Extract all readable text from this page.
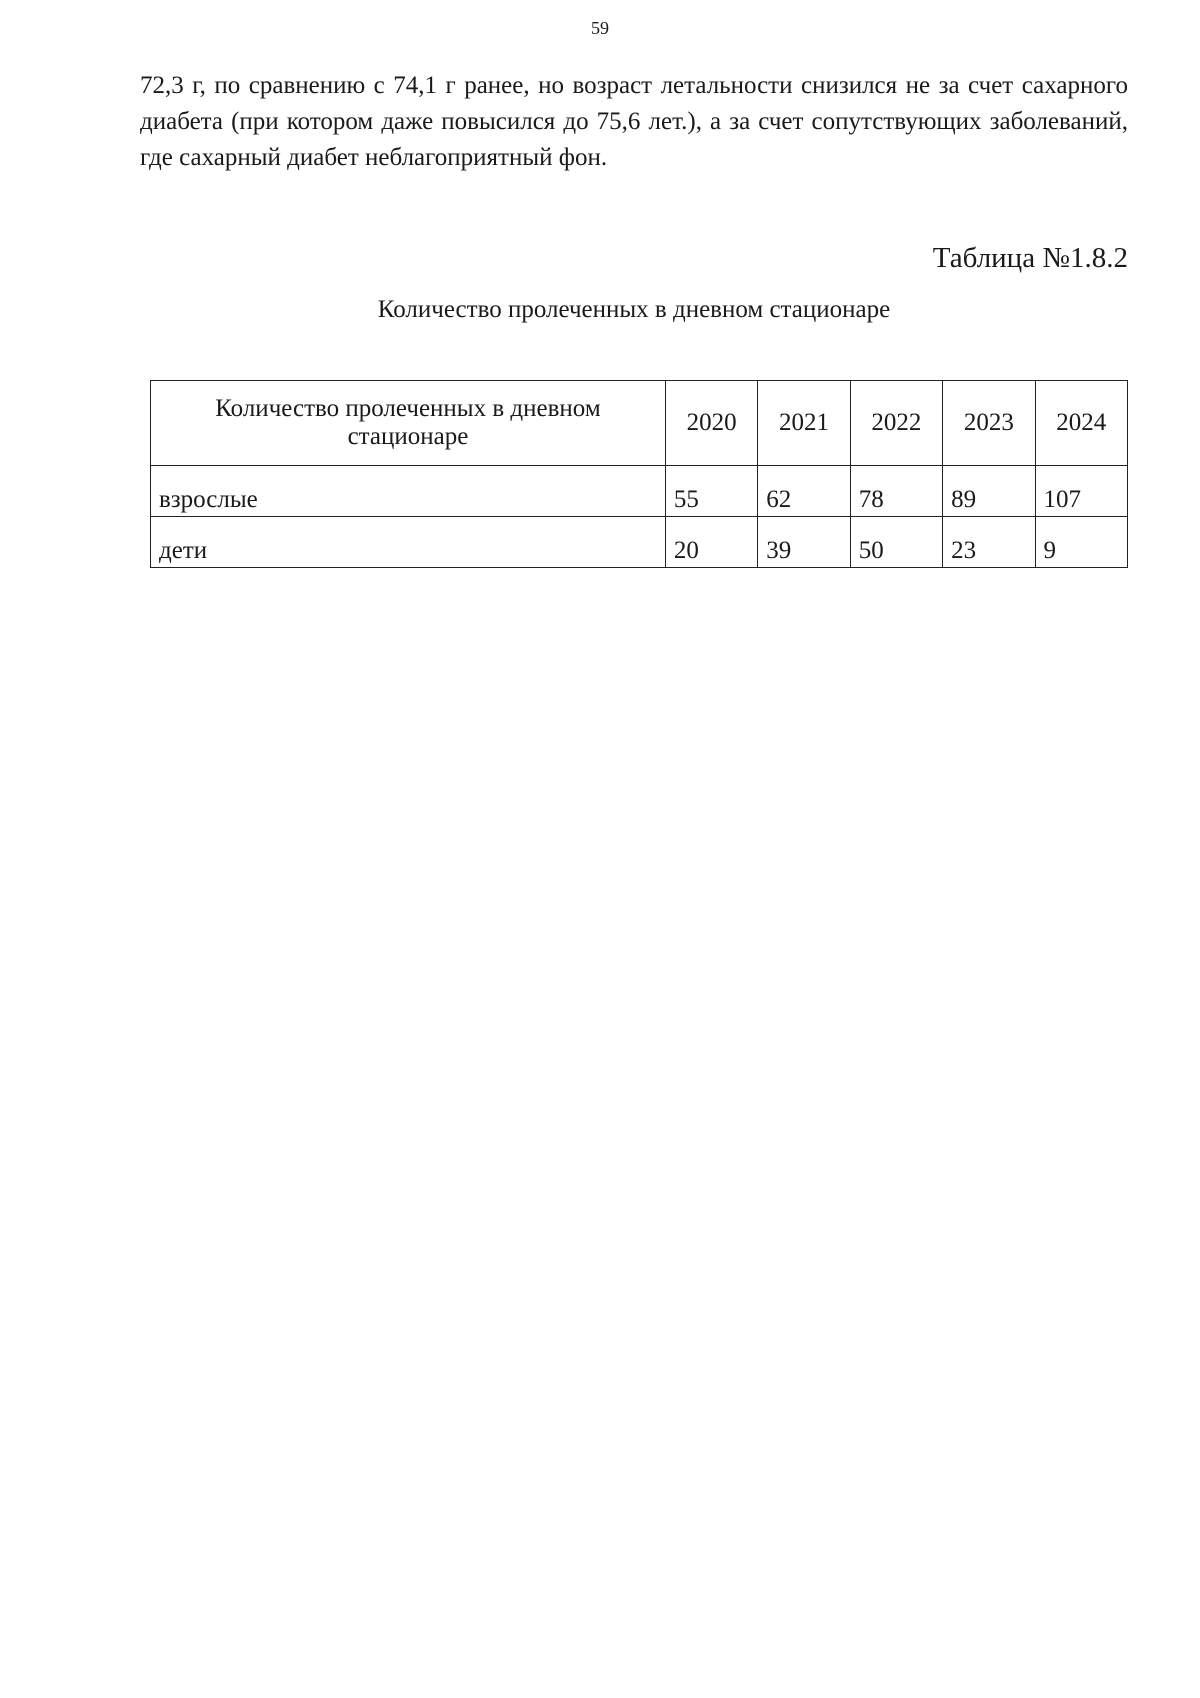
59

72,3 г, по сравнению с 74,1 г ранее, но возраст летальности снизился не за счет сахарного диабета (при котором даже повысился до 75,6 лет.), а за счет сопутствующих заболеваний, где сахарный диабет неблагоприятный фон.

Таблица №1.8.2
Количество пролеченных в дневном стационаре
Количество пролеченных в дневном стационаре	2020	2021	2022	2023	2024
взрослые	55	62	78	89	107
дети	20	39	50	23	9
